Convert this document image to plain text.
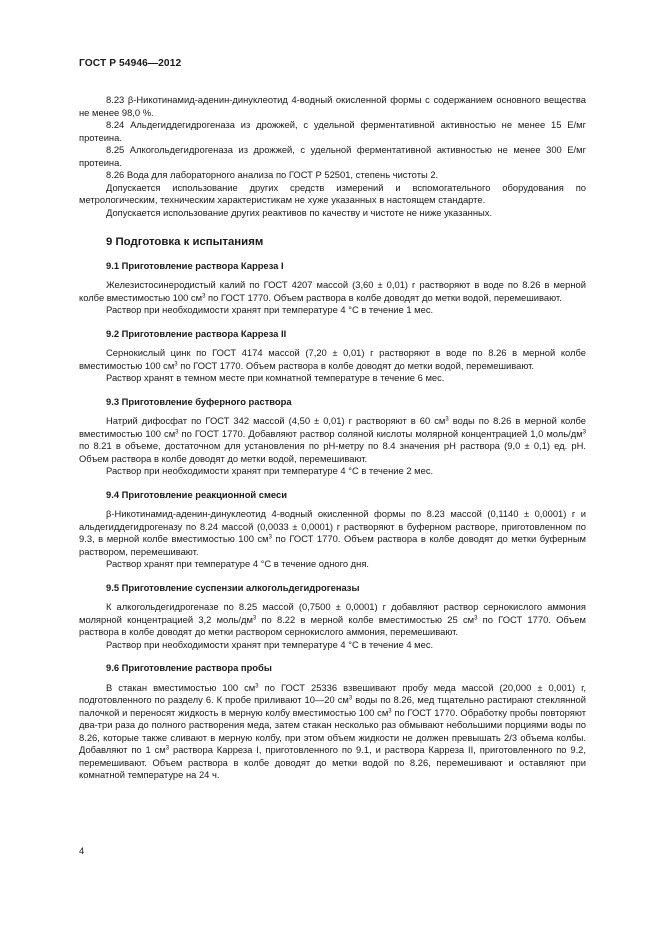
ГОСТ Р 54946—2012

8.23 β-Никотинамид-аденин-динуклеотид 4-водный окисленной формы с содержанием основного вещества не менее 98,0 %.

8.24 Альдегиддегидрогеназа из дрожжей, с удельной ферментативной активностью не менее 15 Е/мг протеина.

8.25 Алкогольдегидрогеназа из дрожжей, с удельной ферментативной активностью не менее 300 Е/мг протеина.

8.26 Вода для лабораторного анализа по ГОСТ Р 52501, степень чистоты 2.

Допускается использование других средств измерений и вспомогательного оборудования по метрологическим, техническим характеристикам не хуже указанных в настоящем стандарте.

Допускается использование других реактивов по качеству и чистоте не ниже указанных.

9 Подготовка к испытаниям
9.1 Приготовление раствора Карреза I

Железистосинеродистый калий по ГОСТ 4207 массой (3,60 ± 0,01) г растворяют в воде по 8.26 в мерной колбе вместимостью 100 $см^3$ по ГОСТ 1770. Объем раствора в колбе доводят до метки водой, перемешивают.

Раствор при необходимости хранят при температуре 4 °С в течение 1 мес.

9.2 Приготовление раствора Карреза II

Сернокислый цинк по ГОСТ 4174 массой (7,20 ± 0,01) г растворяют в воде по 8.26 в мерной колбе вместимостью 100 $см^3$ по ГОСТ 1770. Объем раствора в колбе доводят до метки водой, перемешивают.

Раствор хранят в темном месте при комнатной температуре в течение 6 мес.

9.3 Приготовление буферного раствора

Натрий дифосфат по ГОСТ 342 массой (4,50 ± 0,01) г растворяют в 60 $см^3$ воды по 8.26 в мерной колбе вместимостью 100 $см^3$ по ГОСТ 1770. Добавляют раствор соляной кислоты молярной концентрацией 1,0 моль/$дм^3$ по 8.21 в объеме, достаточном для установления по рН-метру по 8.4 значения рН раствора (9,0 ± 0,1) ед. рН. Объем раствора в колбе доводят до метки водой, перемешивают.

Раствор при необходимости хранят при температуре 4 °С в течение 2 мес.

9.4 Приготовление реакционной смеси

β-Никотинамид-аденин-динуклеотид 4-водный окисленной формы по 8.23 массой (0,1140 ± 0,0001) г и альдегиддегидрогеназу по 8.24 массой (0,0033 ± 0,0001) г растворяют в буферном растворе, приготовленном по 9.3, в мерной колбе вместимостью 100 $см^3$ по ГОСТ 1770. Объем раствора в колбе доводят до метки буферным раствором, перемешивают.

Раствор хранят при температуре 4 °С в течение одного дня.

9.5 Приготовление суспензии алкогольдегидрогеназы

К алкогольдегидрогеназе по 8.25 массой (0,7500 ± 0,0001) г добавляют раствор сернокислого аммония молярной концентрацией 3,2 моль/$дм^3$ по 8.22 в мерной колбе вместимостью 25 $см^3$ по ГОСТ 1770. Объем раствора в колбе доводят до метки раствором сернокислого аммония, перемешивают.

Раствор при необходимости хранят при температуре 4 °С в течение 4 мес.

9.6 Приготовление раствора пробы

В стакан вместимостью 100 $см^3$ по ГОСТ 25336 взвешивают пробу меда массой (20,000 ± 0,001) г, подготовленного по разделу 6. К пробе приливают 10—20 $см^3$ воды по 8.26, мед тщательно растирают стеклянной палочкой и переносят жидкость в мерную колбу вместимостью 100 $см^3$ по ГОСТ 1770. Обработку пробы повторяют два-три раза до полного растворения меда, затем стакан несколько раз обмывают небольшими порциями воды по 8.26, которые также сливают в мерную колбу, при этом объем жидкости не должен превышать 2/3 объема колбы. Добавляют по 1 $см^3$ раствора Карреза I, приготовленного по 9.1, и раствора Карреза II, приготовленного по 9.2, перемешивают. Объем раствора в колбе доводят до метки водой по 8.26, перемешивают и оставляют при комнатной температуре на 24 ч.

4
